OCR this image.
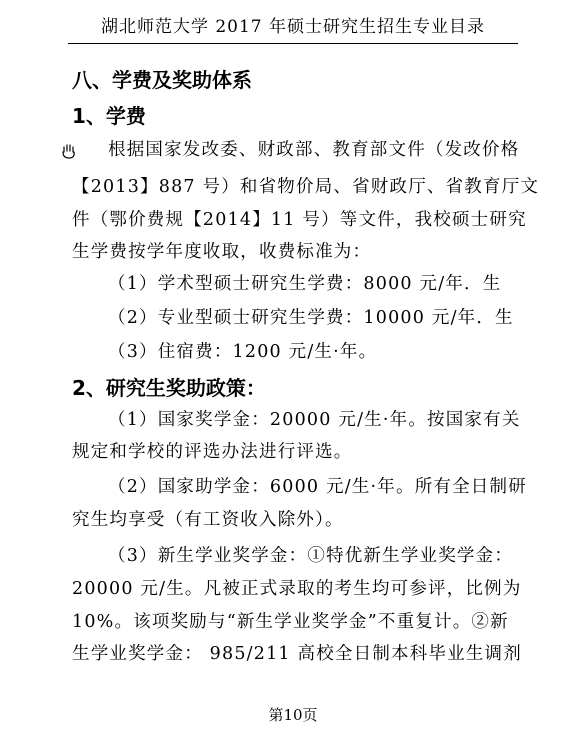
湖北师范大学 2017 年硕士研究生招生专业目录
八、学费及奖助体系
1、学费
根据国家发改委、财政部、教育部文件（发改价格
【2013】887 号）和省物价局、省财政厅、省教育厅文
件（鄂价费规【2014】11 号）等文件，我校硕士研究
生学费按学年度收取，收费标准为：
（1）学术型硕士研究生学费：8000 元/年．生
（2）专业型硕士研究生学费：10000 元/年．生
（3）住宿费：1200 元/生·年。
2、研究生奖助政策：
（1）国家奖学金：20000 元/生·年。按国家有关
规定和学校的评选办法进行评选。
（2）国家助学金：6000 元/生·年。所有全日制研
究生均享受（有工资收入除外）。
（3）新生学业奖学金：①特优新生学业奖学金：
20000 元/生。凡被正式录取的考生均可参评，比例为
10%。该项奖励与“新生学业奖学金”不重复计。②新
生学业奖学金： 985/211 高校全日制本科毕业生调剂
第10页
